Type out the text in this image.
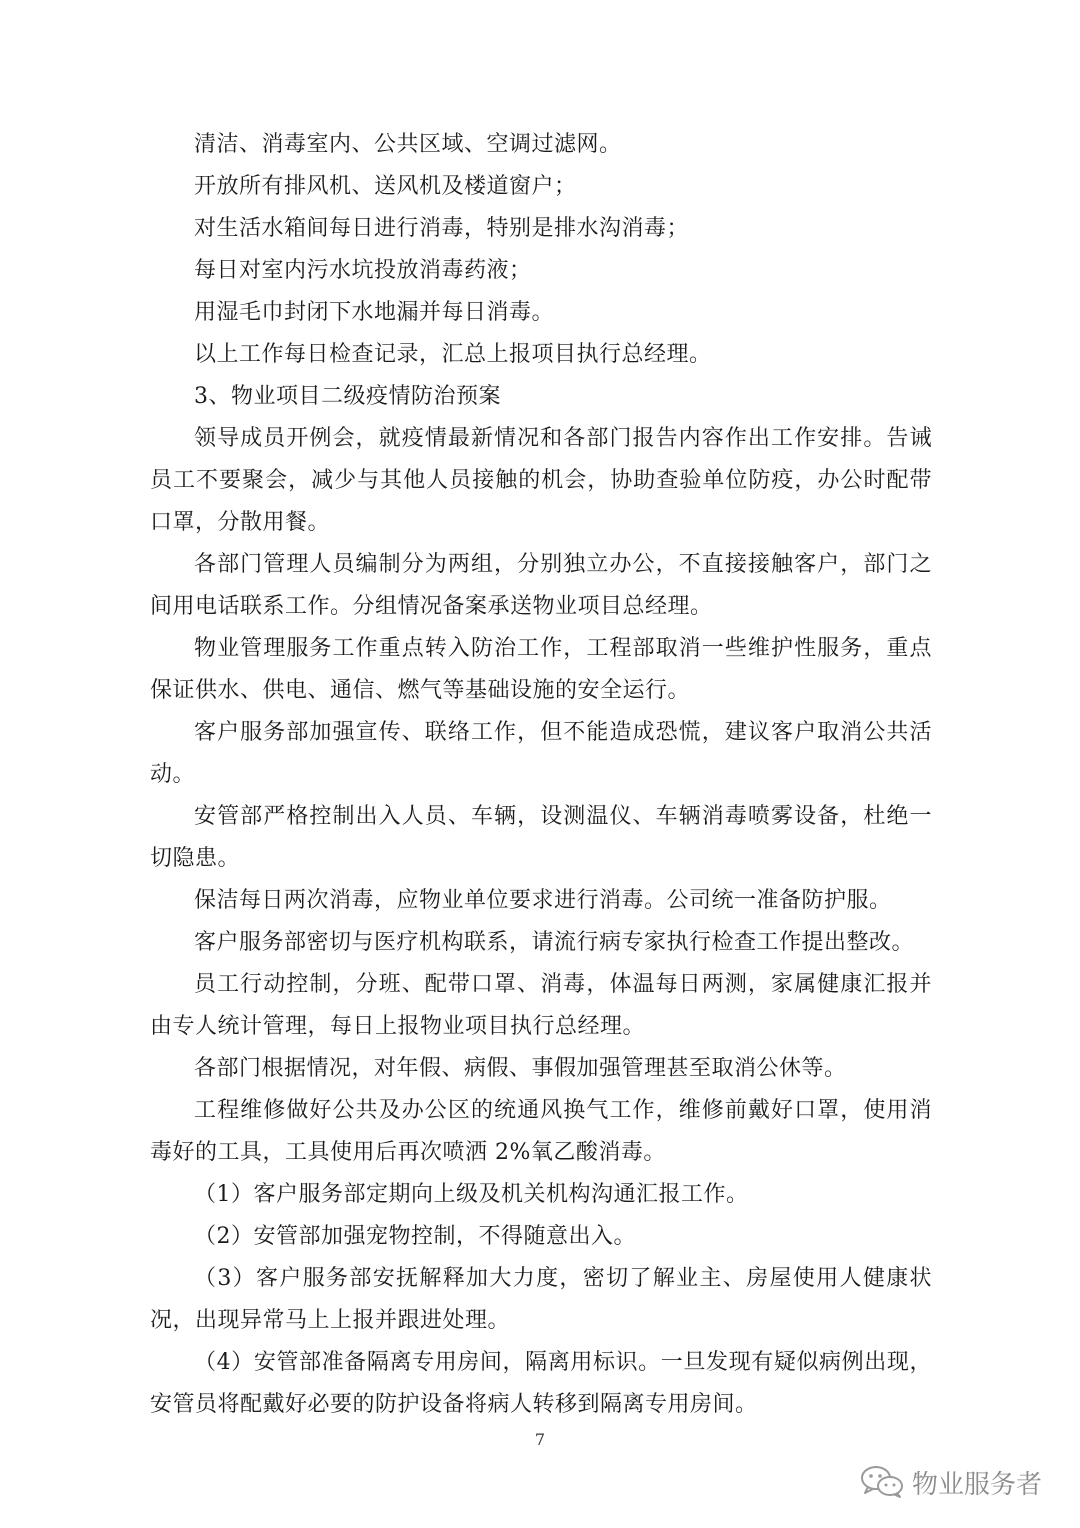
清洁、消毒室内、公共区域、空调过滤网。

开放所有排风机、送风机及楼道窗户；

对生活水箱间每日进行消毒，特别是排水沟消毒；

每日对室内污水坑投放消毒药液；

用湿毛巾封闭下水地漏并每日消毒。

以上工作每日检查记录，汇总上报项目执行总经理。

3、物业项目二级疫情防治预案

领导成员开例会，就疫情最新情况和各部门报告内容作出工作安排。告诫员工不要聚会，减少与其他人员接触的机会，协助查验单位防疫，办公时配带口罩，分散用餐。

各部门管理人员编制分为两组，分别独立办公，不直接接触客户，部门之间用电话联系工作。分组情况备案承送物业项目总经理。

物业管理服务工作重点转入防治工作，工程部取消一些维护性服务，重点保证供水、供电、通信、燃气等基础设施的安全运行。

客户服务部加强宣传、联络工作，但不能造成恐慌，建议客户取消公共活动。

安管部严格控制出入人员、车辆，设测温仪、车辆消毒喷雾设备，杜绝一切隐患。

保洁每日两次消毒，应物业单位要求进行消毒。公司统一准备防护服。

客户服务部密切与医疗机构联系，请流行病专家执行检查工作提出整改。

员工行动控制，分班、配带口罩、消毒，体温每日两测，家属健康汇报并由专人统计管理，每日上报物业项目执行总经理。

各部门根据情况，对年假、病假、事假加强管理甚至取消公休等。

工程维修做好公共及办公区的统通风换气工作，维修前戴好口罩，使用消毒好的工具，工具使用后再次喷洒 2%氧乙酸消毒。

（1）客户服务部定期向上级及机关机构沟通汇报工作。

（2）安管部加强宠物控制，不得随意出入。

（3）客户服务部安抚解释加大力度，密切了解业主、房屋使用人健康状况，出现异常马上上报并跟进处理。

（4）安管部准备隔离专用房间，隔离用标识。一旦发现有疑似病例出现，安管员将配戴好必要的防护设备将病人转移到隔离专用房间。

7
物业服务者
